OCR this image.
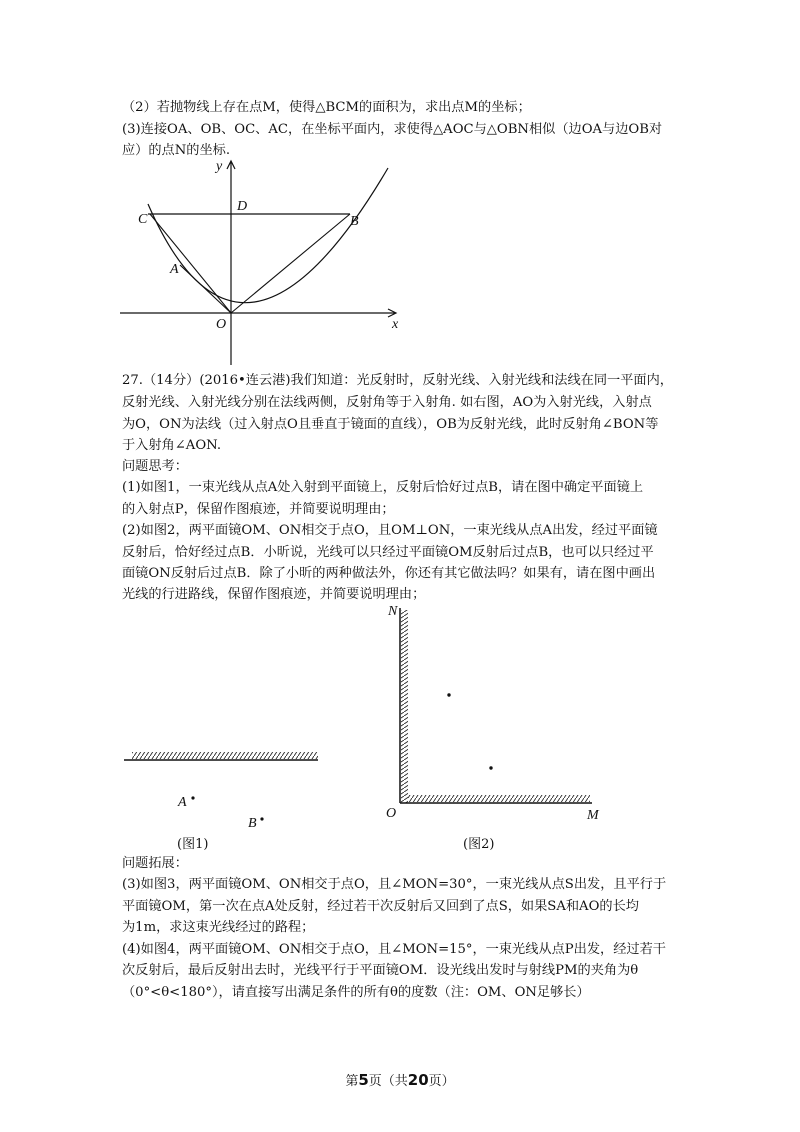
（2）若抛物线上存在点M，使得△BCM的面积为，求出点M的坐标；
(3)连接OA、OB、OC、AC，在坐标平面内，求使得△AOC与△OBN相似（边OA与边OB对
应）的点N的坐标.
y
x
O
D
C	B
A
27.（14分）(2016•连云港)我们知道：光反射时，反射光线、入射光线和法线在同一平面内，
反射光线、入射光线分别在法线两侧，反射角等于入射角. 如右图，AO为入射光线，入射点
为O，ON为法线（过入射点O且垂直于镜面的直线），OB为反射光线，此时反射角∠BON等
于入射角∠AON.
问题思考：
(1)如图1，一束光线从点A处入射到平面镜上，反射后恰好过点B，请在图中确定平面镜上
的入射点P，保留作图痕迹，并简要说明理由；
(2)如图2，两平面镜OM、ON相交于点O，且OM⊥ON，一束光线从点A出发，经过平面镜
反射后，恰好经过点B．小昕说，光线可以只经过平面镜OM反射后过点B，也可以只经过平
面镜ON反射后过点B．除了小昕的两种做法外，你还有其它做法吗？如果有，请在图中画出
光线的行进路线，保留作图痕迹，并简要说明理由；
A
B
(图1)
N
O	M
(图2)
问题拓展：
(3)如图3，两平面镜OM、ON相交于点O，且∠MON=30°，一束光线从点S出发，且平行于
平面镜OM，第一次在点A处反射，经过若干次反射后又回到了点S，如果SA和AO的长均
为1m，求这束光线经过的路程；
(4)如图4，两平面镜OM、ON相交于点O，且∠MON=15°，一束光线从点P出发，经过若干
次反射后，最后反射出去时，光线平行于平面镜OM．设光线出发时与射线PM的夹角为θ
（0°<θ<180°），请直接写出满足条件的所有θ的度数（注：OM、ON足够长）
第5页（共20页）
